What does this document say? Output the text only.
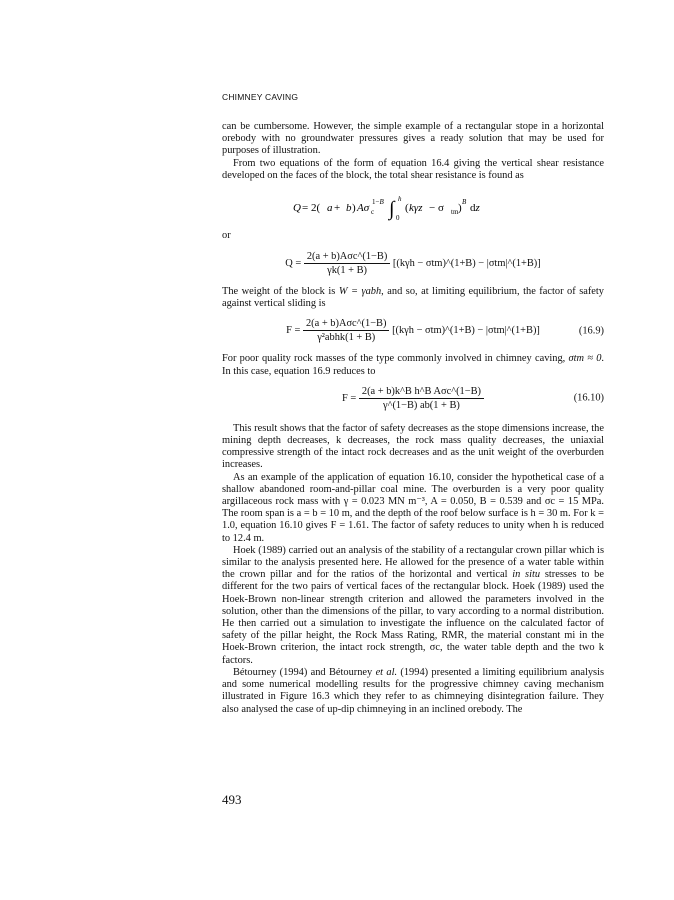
CHIMNEY CAVING

can be cumbersome. However, the simple example of a rectangular stope in a horizontal orebody with no groundwater pressures gives a ready solution that may be used for purposes of illustration.

From two equations of the form of equation 16.4 giving the vertical shear resistance developed on the faces of the block, the total shear resistance is found as

Q = 2( a + b ) Aσ c
1−B ∫ h
0
( kγz − σ tm ) B dz
or
$Q = \frac{\text{2(a + b)Aσc\textasciicircum{}(1−B)}}{\gamma k(1 + B)} [(k\gamma h$ − σtm)^(1+B) − |σtm|^(1+B)]

The weight of the block is W = γabh, and so, at limiting equilibrium, the factor of safety against vertical sliding is

$F = \frac{\text{2(a + b)Aσc\textasciicircum{}(1−B)}}{\text{γ²abhk(1 + B)}} [(k\gamma h$ − σtm)^(1+B) − |σtm|^(1+B)]	(16.9)

For poor quality rock masses of the type commonly involved in chimney caving, σtm ≈ 0. In this case, equation 16.9 reduces to

$F = \frac{\text{2(a + b)k\textasciicircum{}B h\textasciicircum{}B Aσc\textasciicircum{}(1−B)}}{\gamma\^{}(1-B) ab(1 + B)}$	(16.10)

This result shows that the factor of safety decreases as the stope dimensions increase, the mining depth decreases, k decreases, the rock mass quality decreases, the uniaxial compressive strength of the intact rock decreases and as the unit weight of the overburden increases.

As an example of the application of equation 16.10, consider the hypothetical case of a shallow abandoned room-and-pillar coal mine. The overburden is a very poor quality argillaceous rock mass with γ = 0.023 MN m⁻³, A = 0.050, B = 0.539 and σc = 15 MPa. The room span is a = b = 10 m, and the depth of the roof below surface is h = 30 m. For k = 1.0, equation 16.10 gives F = 1.61. The factor of safety reduces to unity when h is reduced to 12.4 m.

Hoek (1989) carried out an analysis of the stability of a rectangular crown pillar which is similar to the analysis presented here. He allowed for the presence of a water table within the crown pillar and for the ratios of the horizontal and vertical in situ stresses to be different for the two pairs of vertical faces of the rectangular block. Hoek (1989) used the Hoek-Brown non-linear strength criterion and allowed the parameters involved in the solution, other than the dimensions of the pillar, to vary according to a normal distribution. He then carried out a simulation to investigate the influence on the calculated factor of safety of the pillar height, the Rock Mass Rating, RMR, the material constant mi in the Hoek-Brown criterion, the intact rock strength, σc, the water table depth and the two k factors.

Bétourney (1994) and Bétourney et al. (1994) presented a limiting equilibrium analysis and some numerical modelling results for the progressive chimney caving mechanism illustrated in Figure 16.3 which they refer to as chimneying disintegration failure. They also analysed the case of up-dip chimneying in an inclined orebody. The

493
